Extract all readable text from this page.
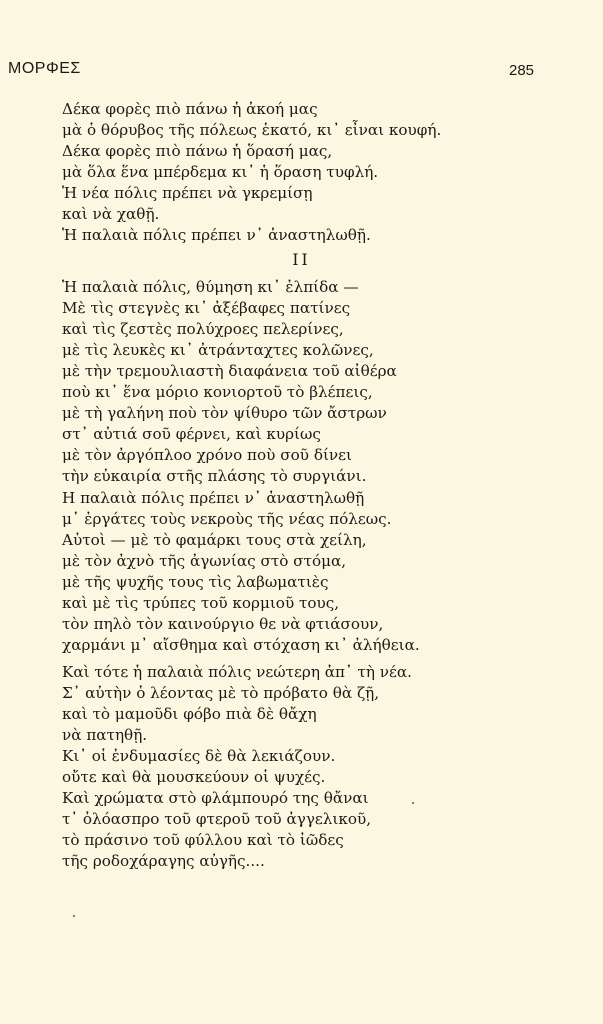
ΜΟΡΦΕΣ	285
Δέκα φορὲς πιὸ πάνω ἡ ἀκοή μας
μὰ ὁ θόρυβος τῆς πόλεως ἑκατό, κι᾽ εἶναι κουφή.
Δέκα φορὲς πιὸ πάνω ἡ ὅρασή μας,
μὰ ὅλα ἕνα μπέρδεμα κι᾽ ἡ ὅραση τυφλή.
Ἡ νέα πόλις πρέπει νὰ γκρεμίσῃ
καὶ νὰ χαθῇ.
Ἡ παλαιὰ πόλις πρέπει ν᾽ ἀναστηλωθῇ.
ΙΙ
Ἡ παλαιὰ πόλις, θύμηση κι᾽ ἐλπίδα —
Μὲ τὶς στεγνὲς κι᾽ ἀξέβαφες πατίνες
καὶ τὶς ζεστὲς πολύχροες πελερίνες,
μὲ τὶς λευκὲς κι᾽ ἀτράνταχτες κολῶνες,
μὲ τὴν τρεμουλιαστὴ διαφάνεια τοῦ αἰθέρα
ποὺ κι᾽ ἕνα μόριο κονιορτοῦ τὸ βλέπεις,
μὲ τὴ γαλήνη ποὺ τὸν ψίθυρο τῶν ἄστρων
στ᾽ αὐτιά σοῦ φέρνει, καὶ κυρίως
μὲ τὸν ἀργόπλοο χρόνο ποὺ σοῦ δίνει
τὴν εὐκαιρία στῆς πλάσης τὸ συργιάνι.
Η παλαιὰ πόλις πρέπει ν᾽ ἀναστηλωθῇ
μ᾽ ἐργάτες τοὺς νεκροὺς τῆς νέας πόλεως.
Αὐτοὶ — μὲ τὸ φαμάρκι τους στὰ χείλη,
μὲ τὸν ἀχνὸ τῆς ἀγωνίας στὸ στόμα,
μὲ τῆς ψυχῆς τους τὶς λαβωματιὲς
καὶ μὲ τὶς τρύπες τοῦ κορμιοῦ τους,
τὸν πηλὸ τὸν καινούργιο θε νὰ φτιάσουν,
χαρμάνι μ᾽ αἴσθημα καὶ στόχαση κι᾽ ἀλήθεια.
Καὶ τότε ἡ παλαιὰ πόλις νεώτερη ἀπ᾽ τὴ νέα.
Σ᾽ αὐτὴν ὁ λέοντας μὲ τὸ πρόβατο θὰ ζῇ,
καὶ τὸ μαμοῦδι φόβο πιὰ δὲ θἄχη
νὰ πατηθῇ.
Κι᾽ οἱ ἐνδυμασίες δὲ θὰ λεκιάζουν.
οὔτε καὶ θὰ μουσκεύουν οἱ ψυχές.
Καὶ χρώματα στὸ φλάμπουρό της θἄναι
τ᾽ ὁλόασπρο τοῦ φτεροῦ τοῦ ἀγγελικοῦ,
τὸ πράσινο τοῦ φύλλου καὶ τὸ ἰῶδες
τῆς ροδοχάραγης αὐγῆς....
